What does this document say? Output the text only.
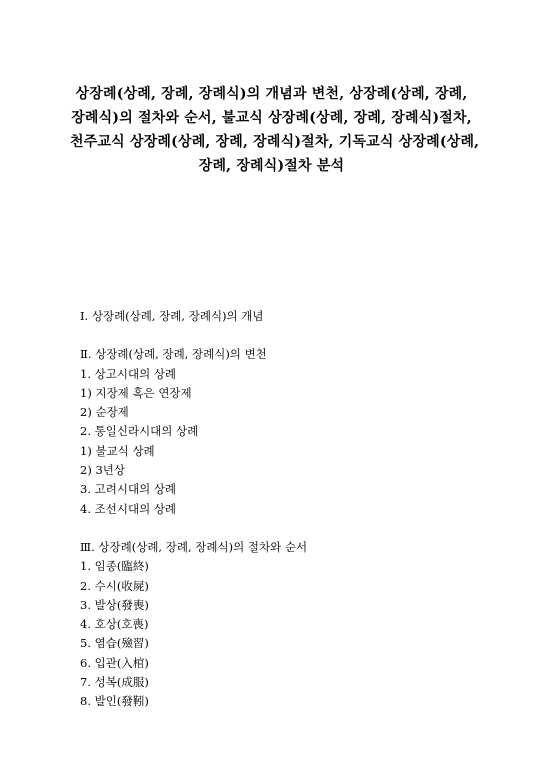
상장례(상례, 장례, 장례식)의 개념과 변천, 상장례(상례, 장례,
장례식)의 절차와 순서, 불교식 상장례(상례, 장례, 장례식)절차,
천주교식 상장례(상례, 장례, 장례식)절차, 기독교식 상장례(상례,
장례, 장례식)절차 분석
Ⅰ. 상장례(상례, 장례, 장례식)의 개념
Ⅱ. 상장례(상례, 장례, 장례식)의 변천
1. 상고시대의 상례
1) 지장제 혹은 연장제
2) 순장제
2. 통일신라시대의 상례
1) 불교식 상례
2) 3년상
3. 고려시대의 상례
4. 조선시대의 상례
Ⅲ. 상장례(상례, 장례, 장례식)의 절차와 순서
1. 임종(臨終)
2. 수시(收屍)
3. 발상(發喪)
4. 호상(호喪)
5. 염습(殮習)
6. 입관(入棺)
7. 성복(成服)
8. 발인(發靷)
